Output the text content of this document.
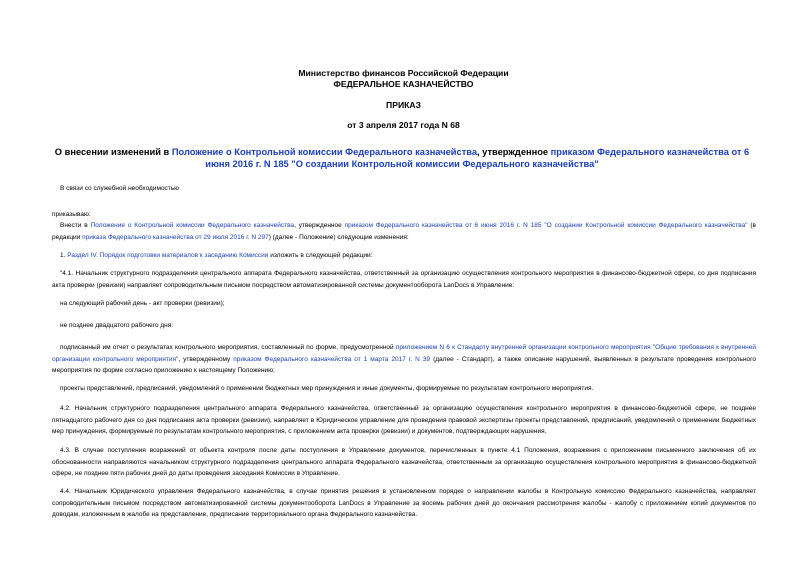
Министерство финансов Российской Федерации
ФЕДЕРАЛЬНОЕ КАЗНАЧЕЙСТВО
ПРИКАЗ
от 3 апреля 2017 года N 68
О внесении изменений в Положение о Контрольной комиссии Федерального казначейства, утвержденное приказом Федерального казначейства от 6 июня 2016 г. N 185 "О создании Контрольной комиссии Федерального казначейства"

В связи со служебной необходимостью

приказываю:

Внести в Положение о Контрольной комиссии Федерального казначейства, утвержденное приказом Федерального казначейства от 6 июня 2016 г. N 185 "О создании Контрольной комиссии Федерального казначейства" (в редакции приказа Федерального казначейства от 29 июля 2016 г. N 297) (далее - Положение) следующие изменения:

1. Раздел IV. Порядок подготовки материалов к заседанию Комиссии изложить в следующей редакции:

"4.1. Начальник структурного подразделения центрального аппарата Федерального казначейства, ответственный за организацию осуществления контрольного мероприятия в финансово-бюджетной сфере, со дня подписания акта проверки (ревизии) направляет сопроводительным письмом посредством автоматизированной системы документооборота LanDocs в Управление:

на следующий рабочий день - акт проверки (ревизии);

не позднее двадцатого рабочего дня:

подписанный им отчет о результатах контрольного мероприятия, составленный по форме, предусмотренной приложением N 6 к Стандарту внутренней организации контрольного мероприятия "Общие требования к внутренней организации контрольного мероприятия", утвержденному приказом Федерального казначейства от 1 марта 2017 г. N 39 (далее - Стандарт), а также описание нарушений, выявленных в результате проведения контрольного мероприятия по форме согласно приложению к настоящему Положению;

проекты представлений, предписаний, уведомлений о применении бюджетных мер принуждения и иные документы, формируемые по результатам контрольного мероприятия.

4.2. Начальник структурного подразделения центрального аппарата Федерального казначейства, ответственный за организацию осуществления контрольного мероприятия в финансово-бюджетной сфере, не позднее пятнадцатого рабочего дня со дня подписания акта проверки (ревизии), направляет в Юридическое управление для проведения правовой экспертизы проекты представлений, предписаний, уведомлений о применении бюджетных мер принуждения, формируемые по результатам контрольного мероприятия, с приложением акта проверки (ревизии) и документов, подтверждающих нарушения.

4.3. В случае поступления возражений от объекта контроля после даты поступления в Управление документов, перечисленных в пункте 4.1 Положения, возражения с приложением письменного заключения об их обоснованности направляются начальником структурного подразделения центрального аппарата Федерального казначейства, ответственным за организацию осуществления контрольного мероприятия в финансово-бюджетной сфере, не позднее пяти рабочих дней до даты проведения заседания Комиссии в Управление.

4.4. Начальник Юридического управления Федерального казначейства, в случае принятия решения в установленном порядке о направлении жалобы в Контрольную комиссию Федерального казначейства, направляет сопроводительным письмом посредством автоматизированной системы документооборота LanDocs в Управление за восемь рабочих дней до окончания рассмотрения жалобы - жалобу с приложением копий документов по доводам, изложенным в жалобе на представление, предписание территориального органа Федерального казначейства.
